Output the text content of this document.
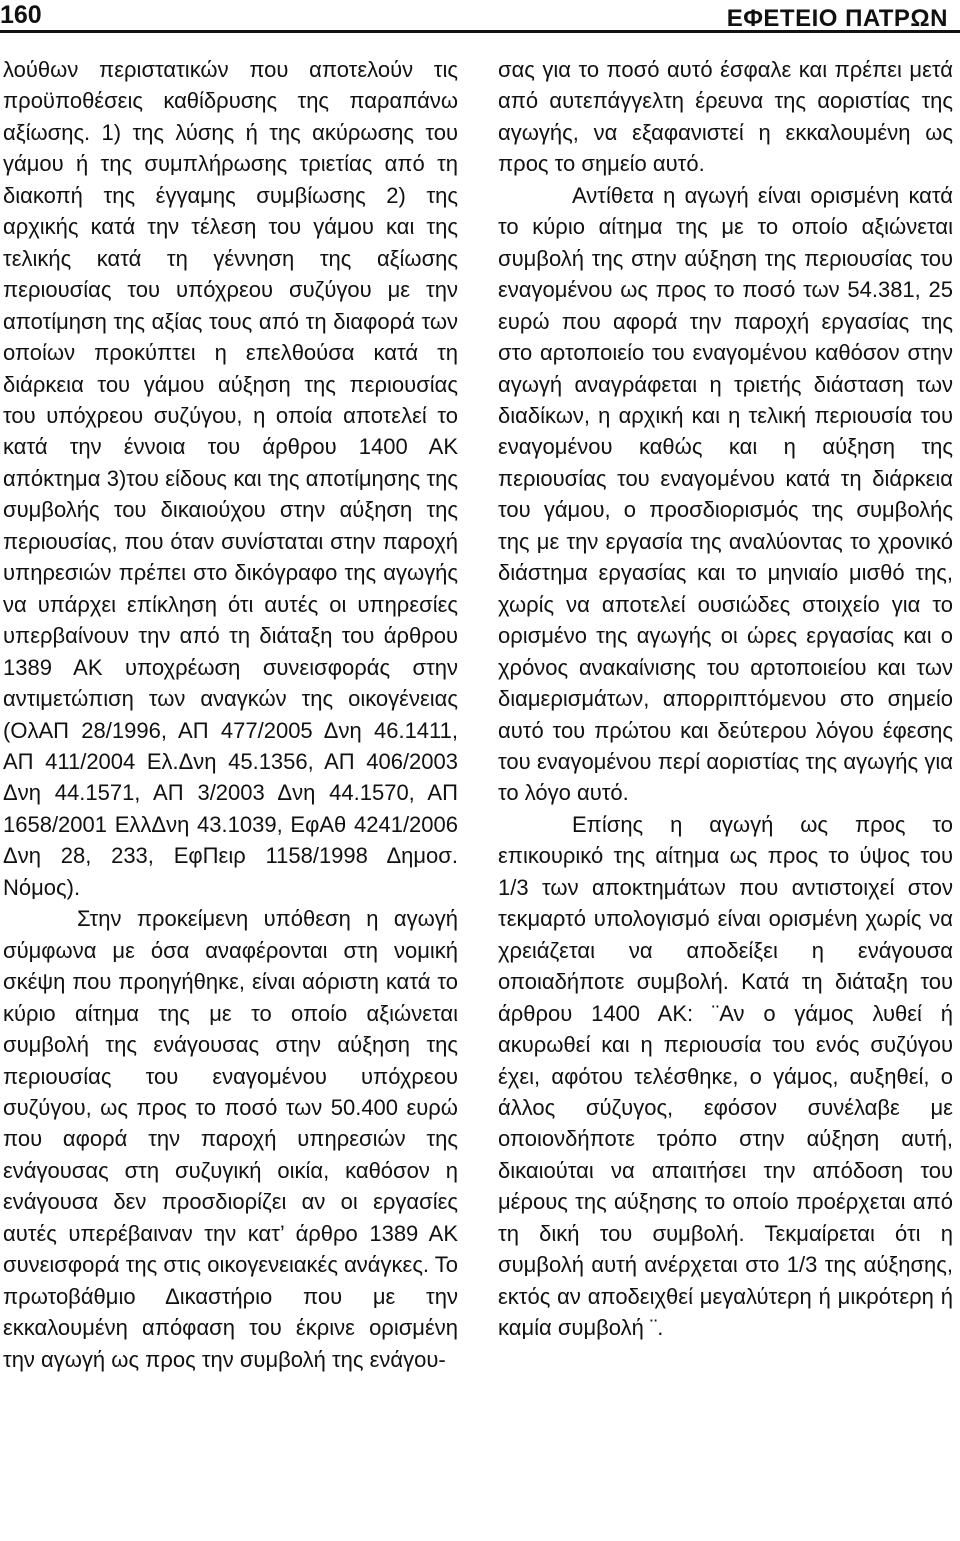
160	ΕΦΕΤΕΙΟ ΠΑΤΡΩΝ

λούθων περιστατικών που αποτελούν τις προϋποθέσεις καθίδρυσης της παραπάνω αξίωσης. 1) της λύσης ή της ακύρωσης του γάμου ή της συμπλήρωσης τριετίας από τη διακοπή της έγγαμης συμβίωσης 2) της αρχικής κατά την τέλεση του γάμου και της τελικής κατά τη γέννηση της αξίωσης περιουσίας του υπόχρεου συζύγου με την αποτίμηση της αξίας τους από τη διαφορά των οποίων προκύπτει η επελθούσα κατά τη διάρκεια του γάμου αύξηση της περιουσίας του υπόχρεου συζύγου, η οποία αποτελεί το κατά την έννοια του άρθρου 1400 ΑΚ απόκτημα 3)του είδους και της αποτίμησης της συμβολής του δικαιούχου στην αύξηση της περιουσίας, που όταν συνίσταται στην παροχή υπηρεσιών πρέπει στο δικόγραφο της αγωγής να υπάρχει επίκληση ότι αυτές οι υπηρεσίες υπερβαίνουν την από τη διάταξη του άρθρου 1389 ΑΚ υποχρέωση συνεισφοράς στην αντιμετώπιση των αναγκών της οικογένειας (ΟλΑΠ 28/1996, ΑΠ 477/2005 Δνη 46.1411, ΑΠ 411/2004 Ελ.Δνη 45.1356, ΑΠ 406/2003 Δνη 44.1571, ΑΠ 3/2003 Δνη 44.1570, ΑΠ 1658/2001 ΕλλΔνη 43.1039, ΕφΑθ 4241/2006 Δνη 28, 233, ΕφΠειρ 1158/1998 Δημοσ. Νόμος).

Στην προκείμενη υπόθεση η αγωγή σύμφωνα με όσα αναφέρονται στη νομική σκέψη που προηγήθηκε, είναι αόριστη κατά το κύριο αίτημα της με το οποίο αξιώνεται συμβολή της ενάγουσας στην αύξηση της περιουσίας του εναγομένου υπόχρεου συζύγου, ως προς το ποσό των 50.400 ευρώ που αφορά την παροχή υπηρεσιών της ενάγουσας στη συζυγική οικία, καθόσον η ενάγουσα δεν προσδιορίζει αν οι εργασίες αυτές υπερέβαιναν την κατ’ άρθρο 1389 ΑΚ συνεισφορά της στις οικογενειακές ανάγκες. Το πρωτοβάθμιο Δικαστήριο που με την εκκαλουμένη απόφαση του έκρινε ορισμένη την αγωγή ως προς την συμβολή της ενάγου-

σας για το ποσό αυτό έσφαλε και πρέπει μετά από αυτεπάγγελτη έρευνα της αοριστίας της αγωγής, να εξαφανιστεί η εκκαλουμένη ως προς το σημείο αυτό.

Αντίθετα η αγωγή είναι ορισμένη κατά το κύριο αίτημα της με το οποίο αξιώνεται συμβολή της στην αύξηση της περιουσίας του εναγομένου ως προς το ποσό των 54.381, 25 ευρώ που αφορά την παροχή εργασίας της στο αρτοποιείο του εναγομένου καθόσον στην αγωγή αναγράφεται η τριετής διάσταση των διαδίκων, η αρχική και η τελική περιουσία του εναγομένου καθώς και η αύξηση της περιουσίας του εναγομένου κατά τη διάρκεια του γάμου, ο προσδιορισμός της συμβολής της με την εργασία της αναλύοντας το χρονικό διάστημα εργασίας και το μηνιαίο μισθό της, χωρίς να αποτελεί ουσιώδες στοιχείο για το ορισμένο της αγωγής οι ώρες εργασίας και ο χρόνος ανακαίνισης του αρτοποιείου και των διαμερισμάτων, απορριπτόμενου στο σημείο αυτό του πρώτου και δεύτερου λόγου έφεσης του εναγομένου περί αοριστίας της αγωγής για το λόγο αυτό.

Επίσης η αγωγή ως προς το επικουρικό της αίτημα ως προς το ύψος του 1/3 των αποκτημάτων που αντιστοιχεί στον τεκμαρτό υπολογισμό είναι ορισμένη χωρίς να χρειάζεται να αποδείξει η ενάγουσα οποιαδήποτε συμβολή. Κατά τη διάταξη του άρθρου 1400 ΑΚ: ¨Αν ο γάμος λυθεί ή ακυρωθεί και η περιουσία του ενός συζύγου έχει, αφότου τελέσθηκε, ο γάμος, αυξηθεί, ο άλλος σύζυγος, εφόσον συνέλαβε με οποιονδήποτε τρόπο στην αύξηση αυτή, δικαιούται να απαιτήσει την απόδοση του μέρους της αύξησης το οποίο προέρχεται από τη δική του συμβολή. Τεκμαίρεται ότι η συμβολή αυτή ανέρχεται στο 1/3 της αύξησης, εκτός αν αποδειχθεί μεγαλύτερη ή μικρότερη ή καμία συμβολή ¨.
